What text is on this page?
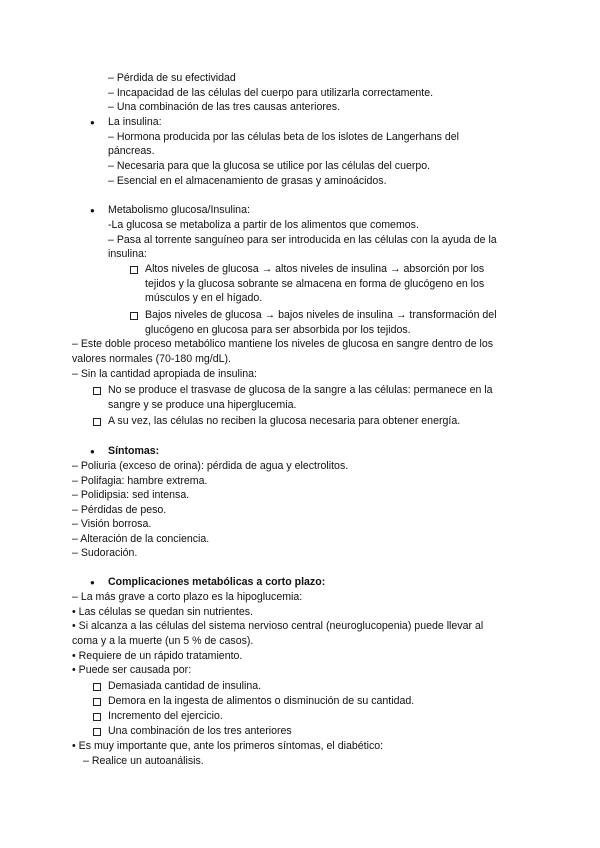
– Pérdida de su efectividad
– Incapacidad de las células del cuerpo para utilizarla correctamente.
– Una combinación de las tres causas anteriores.
● La insulina:
– Hormona producida por las células beta de los islotes de Langerhans del
páncreas.
– Necesaria para que la glucosa se utilice por las células del cuerpo.
– Esencial en el almacenamiento de grasas y aminoácidos.
● Metabolismo glucosa/Insulina:
-La glucosa se metaboliza a partir de los alimentos que comemos.
– Pasa al torrente sanguíneo para ser introducida en las células con la ayuda de la
insulina:
Altos niveles de glucosa → altos niveles de insulina → absorción por los
tejidos y la glucosa sobrante se almacena en forma de glucógeno en los
músculos y en el hígado.
Bajos niveles de glucosa → bajos niveles de insulina → transformación del
glucógeno en glucosa para ser absorbida por los tejidos.
– Este doble proceso metabólico mantiene los niveles de glucosa en sangre dentro de los
valores normales (70-180 mg/dL).
– Sin la cantidad apropiada de insulina:
No se produce el trasvase de glucosa de la sangre a las células: permanece en la
sangre y se produce una hiperglucemia.
A su vez, las células no reciben la glucosa necesaria para obtener energía.
● Síntomas:
– Poliuria (exceso de orina): pérdida de agua y electrolitos.
– Polifagia: hambre extrema.
– Polidipsia: sed intensa.
– Pérdidas de peso.
– Visión borrosa.
– Alteración de la conciencia.
– Sudoración.
● Complicaciones metabólicas a corto plazo:
– La más grave a corto plazo es la hipoglucemia:
• Las células se quedan sin nutrientes.
• Si alcanza a las células del sistema nervioso central (neuroglucopenia) puede llevar al
coma y a la muerte (un 5 % de casos).
• Requiere de un rápido tratamiento.
• Puede ser causada por:
Demasiada cantidad de insulina.
Demora en la ingesta de alimentos o disminución de su cantidad.
Incremento del ejercicio.
Una combinación de los tres anteriores
• Es muy importante que, ante los primeros síntomas, el diabético:
– Realice un autoanálisis.
